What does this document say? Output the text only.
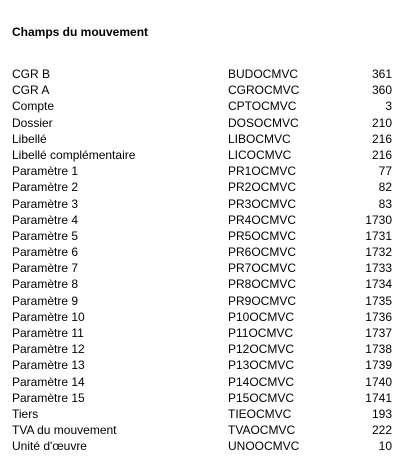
Champs du mouvement
CGR B	BUDOCMVC	361
CGR A	CGROCMVC	360
Compte	CPTOCMVC	3
Dossier	DOSOCMVC	210
Libellé	LIBOCMVC	216
Libellé complémentaire	LICOCMVC	216
Paramètre 1	PR1OCMVC	77
Paramètre 2	PR2OCMVC	82
Paramètre 3	PR3OCMVC	83
Paramètre 4	PR4OCMVC	1730
Paramètre 5	PR5OCMVC	1731
Paramètre 6	PR6OCMVC	1732
Paramètre 7	PR7OCMVC	1733
Paramètre 8	PR8OCMVC	1734
Paramètre 9	PR9OCMVC	1735
Paramètre 10	P10OCMVC	1736
Paramètre 11	P11OCMVC	1737
Paramètre 12	P12OCMVC	1738
Paramètre 13	P13OCMVC	1739
Paramètre 14	P14OCMVC	1740
Paramètre 15	P15OCMVC	1741
Tiers	TIEOCMVC	193
TVA du mouvement	TVAOCMVC	222
Unité d'œuvre	UNOOCMVC	10
